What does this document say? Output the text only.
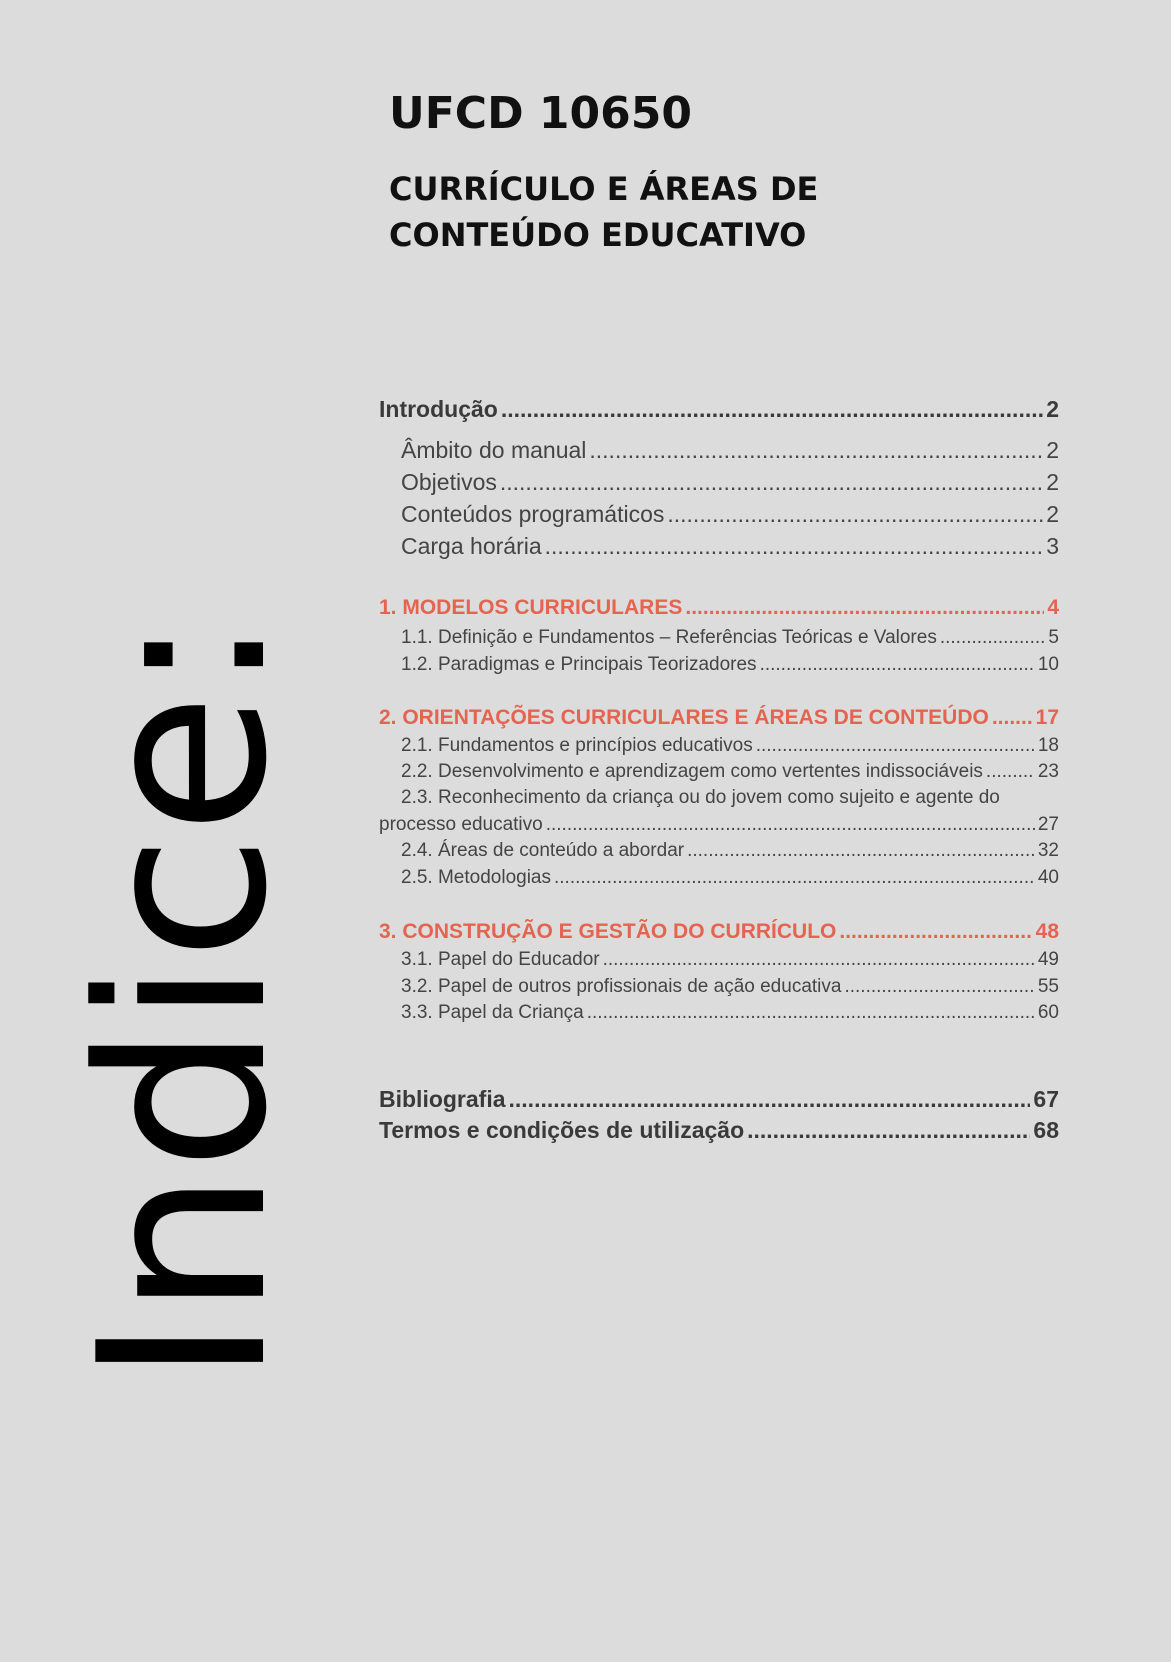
Indice:
UFCD 10650
CURRÍCULO E ÁREAS DE CONTEÚDO EDUCATIVO
Introdução .....	2
Âmbito do manual .....	2
Objetivos .....	2
Conteúdos programáticos .....	2
Carga horária .....	3
1. MODELOS CURRICULARES .....	4
1.1. Definição e Fundamentos – Referências Teóricas e Valores .....	5
1.2. Paradigmas e Principais Teorizadores .....	10
2. ORIENTAÇÕES CURRICULARES E ÁREAS DE CONTEÚDO ..... 17
2.1. Fundamentos e princípios educativos .....	18
2.2. Desenvolvimento e aprendizagem como vertentes indissociáveis .....	23
2.3. Reconhecimento da criança ou do jovem como sujeito e agente do
processo educativo .....	27
2.4. Áreas de conteúdo a abordar .....	32
2.5. Metodologias .....	40
3. CONSTRUÇÃO E GESTÃO DO CURRÍCULO .....	48
3.1. Papel do Educador .....	49
3.2. Papel de outros profissionais de ação educativa .....	55
3.3. Papel da Criança .....	60
Bibliografia .....	67
Termos e condições de utilização .....	68
